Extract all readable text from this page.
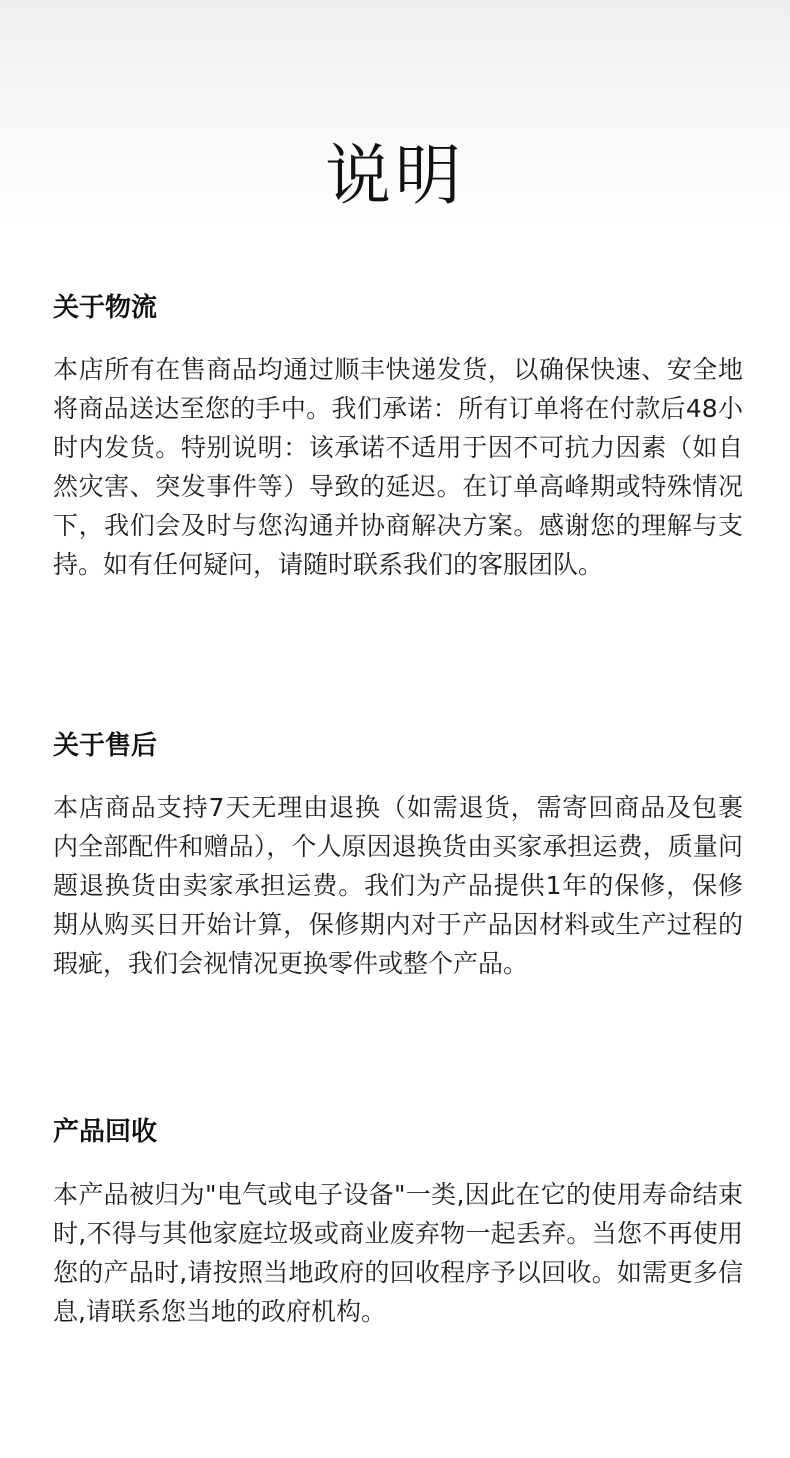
说明
关于物流

本店所有在售商品均通过顺丰快递发货，以确保快速、安全地将商品送达至您的手中。我们承诺：所有订单将在付款后48小时内发货。特别说明：该承诺不适用于因不可抗力因素（如自然灾害、突发事件等）导致的延迟。在订单高峰期或特殊情况下，我们会及时与您沟通并协商解决方案。感谢您的理解与支持。如有任何疑问，请随时联系我们的客服团队。

关于售后

本店商品支持7天无理由退换（如需退货，需寄回商品及包裹内全部配件和赠品），个人原因退换货由买家承担运费，质量问题退换货由卖家承担运费。我们为产品提供1年的保修，保修期从购买日开始计算，保修期内对于产品因材料或生产过程的瑕疵，我们会视情况更换零件或整个产品。

产品回收

本产品被归为"电气或电子设备"一类,因此在它的使用寿命结束时,不得与其他家庭垃圾或商业废弃物一起丢弃。当您不再使用您的产品时,请按照当地政府的回收程序予以回收。如需更多信息,请联系您当地的政府机构。
